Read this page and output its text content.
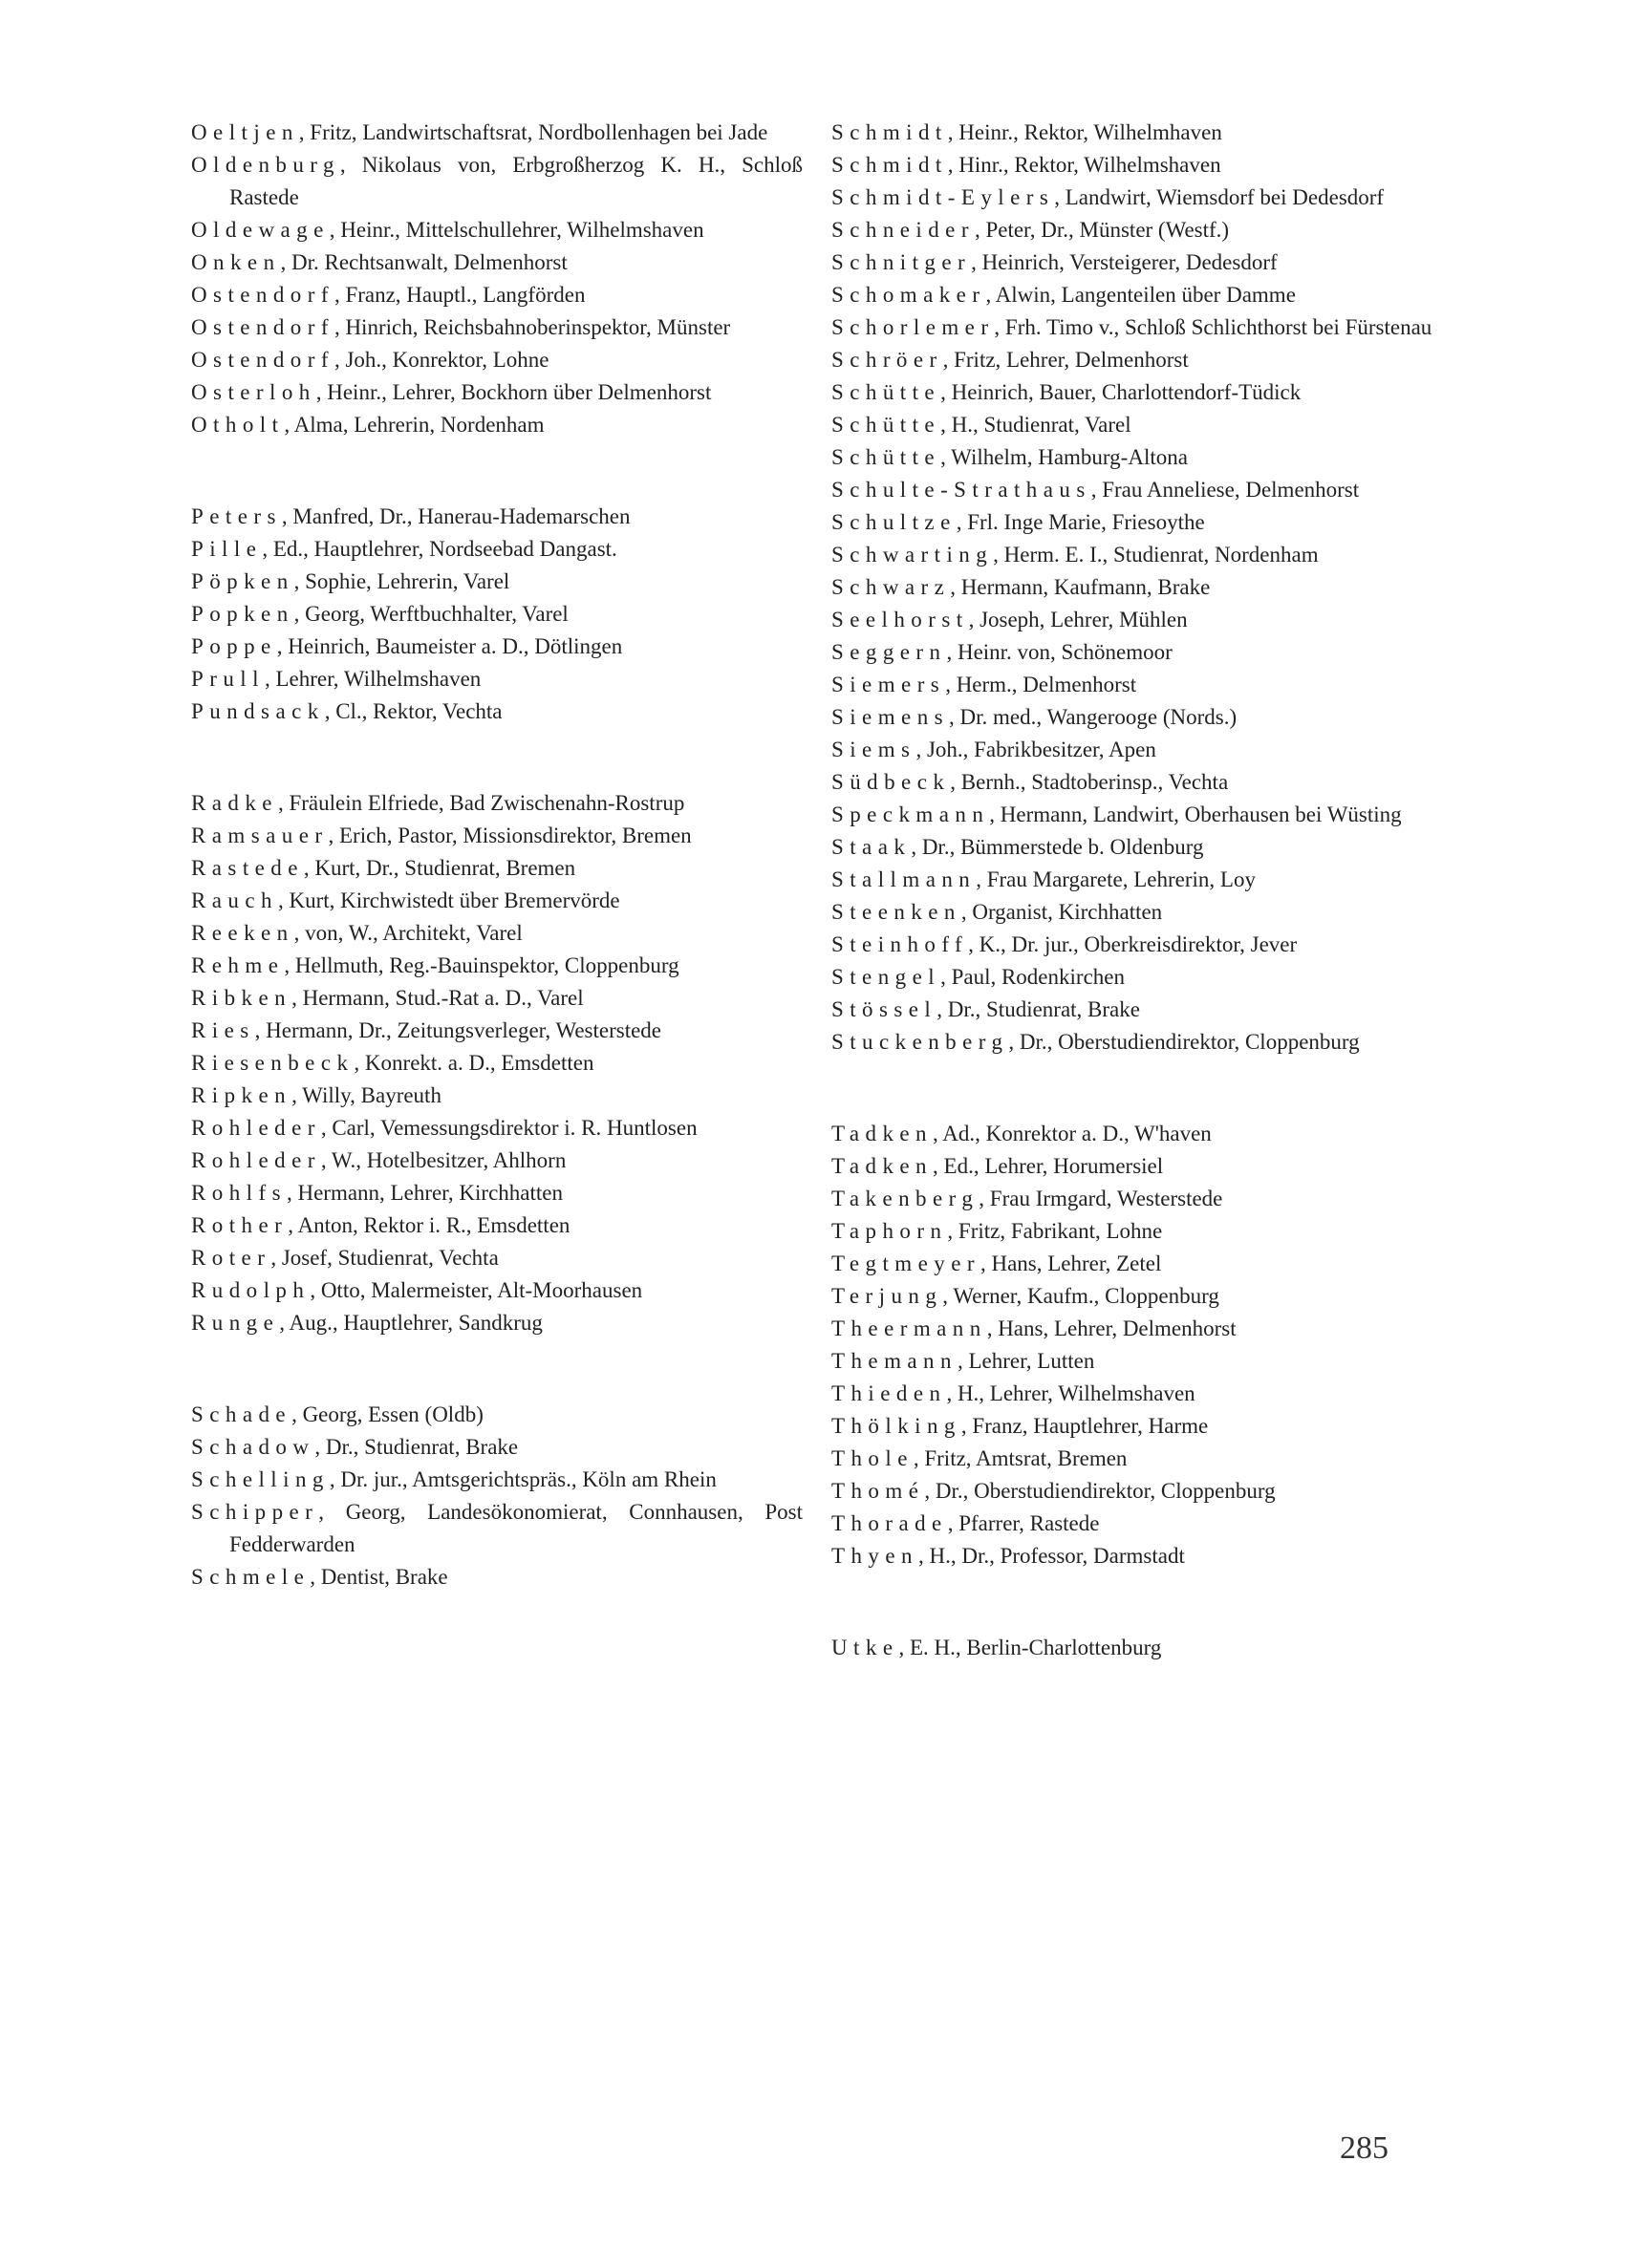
Oeltjen, Fritz, Landwirtschaftsrat, Nordbollenhagen bei Jade

Oldenburg, Nikolaus von, Erbgroßherzog K. H., Schloß Rastede

Oldewage, Heinr., Mittelschullehrer, Wilhelmshaven

Onken, Dr. Rechtsanwalt, Delmenhorst

Ostendorf, Franz, Hauptl., Langförden

Ostendorf, Hinrich, Reichsbahnoberinspektor, Münster

Ostendorf, Joh., Konrektor, Lohne

Osterloh, Heinr., Lehrer, Bockhorn über Delmenhorst

Otholt, Alma, Lehrerin, Nordenham

Peters, Manfred, Dr., Hanerau-Hademarschen

Pille, Ed., Hauptlehrer, Nordseebad Dangast.

Pöpken, Sophie, Lehrerin, Varel

Popken, Georg, Werftbuchhalter, Varel

Poppe, Heinrich, Baumeister a. D., Dötlingen

Prull, Lehrer, Wilhelmshaven

Pundsack, Cl., Rektor, Vechta

Radke, Fräulein Elfriede, Bad Zwischenahn-Rostrup

Ramsauer, Erich, Pastor, Missionsdirektor, Bremen

Rastede, Kurt, Dr., Studienrat, Bremen

Rauch, Kurt, Kirchwistedt über Bremervörde

Reeken, von, W., Architekt, Varel

Rehme, Hellmuth, Reg.-Bauinspektor, Cloppenburg

Ribken, Hermann, Stud.-Rat a. D., Varel

Ries, Hermann, Dr., Zeitungsverleger, Westerstede

Riesenbeck, Konrekt. a. D., Emsdetten

Ripken, Willy, Bayreuth

Rohleder, Carl, Vemessungsdirektor i. R. Huntlosen

Rohleder, W., Hotelbesitzer, Ahlhorn

Rohlfs, Hermann, Lehrer, Kirchhatten

Rother, Anton, Rektor i. R., Emsdetten

Roter, Josef, Studienrat, Vechta

Rudolph, Otto, Malermeister, Alt-Moorhausen

Runge, Aug., Hauptlehrer, Sandkrug

Schade, Georg, Essen (Oldb)

Schadow, Dr., Studienrat, Brake

Schelling, Dr. jur., Amtsgerichtspräs., Köln am Rhein

Schipper, Georg, Landesökonomierat, Connhausen, Post Fedderwarden

Schmele, Dentist, Brake

Schmidt, Heinr., Rektor, Wilhelmhaven

Schmidt, Hinr., Rektor, Wilhelmshaven

Schmidt-Eylers, Landwirt, Wiemsdorf bei Dedesdorf

Schneider, Peter, Dr., Münster (Westf.)

Schnitger, Heinrich, Versteigerer, Dedesdorf

Schomaker, Alwin, Langenteilen über Damme

Schorlemer, Frh. Timo v., Schloß Schlichthorst bei Fürstenau

Schröer, Fritz, Lehrer, Delmenhorst

Schütte, Heinrich, Bauer, Charlottendorf-Tüdick

Schütte, H., Studienrat, Varel

Schütte, Wilhelm, Hamburg-Altona

Schulte-Strathaus, Frau Anneliese, Delmenhorst

Schultze, Frl. Inge Marie, Friesoythe

Schwarting, Herm. E. I., Studienrat, Nordenham

Schwarz, Hermann, Kaufmann, Brake

Seelhorst, Joseph, Lehrer, Mühlen

Seggern, Heinr. von, Schönemoor

Siemers, Herm., Delmenhorst

Siemens, Dr. med., Wangerooge (Nords.)

Siems, Joh., Fabrikbesitzer, Apen

Südbeck, Bernh., Stadtoberinsp., Vechta

Speckmann, Hermann, Landwirt, Oberhausen bei Wüsting

Staak, Dr., Bümmerstede b. Oldenburg

Stallmann, Frau Margarete, Lehrerin, Loy

Steenken, Organist, Kirchhatten

Steinhoff, K., Dr. jur., Oberkreisdirektor, Jever

Stengel, Paul, Rodenkirchen

Stössel, Dr., Studienrat, Brake

Stuckenberg, Dr., Oberstudiendirektor, Cloppenburg

Tadken, Ad., Konrektor a. D., W'haven

Tadken, Ed., Lehrer, Horumersiel

Takenberg, Frau Irmgard, Westerstede

Taphorn, Fritz, Fabrikant, Lohne

Tegtmeyer, Hans, Lehrer, Zetel

Terjung, Werner, Kaufm., Cloppenburg

Theermann, Hans, Lehrer, Delmenhorst

Themann, Lehrer, Lutten

Thieden, H., Lehrer, Wilhelmshaven

Thölking, Franz, Hauptlehrer, Harme

Thole, Fritz, Amtsrat, Bremen

Thomé, Dr., Oberstudiendirektor, Cloppenburg

Thorade, Pfarrer, Rastede

Thyen, H., Dr., Professor, Darmstadt

Utke, E. H., Berlin-Charlottenburg

285
